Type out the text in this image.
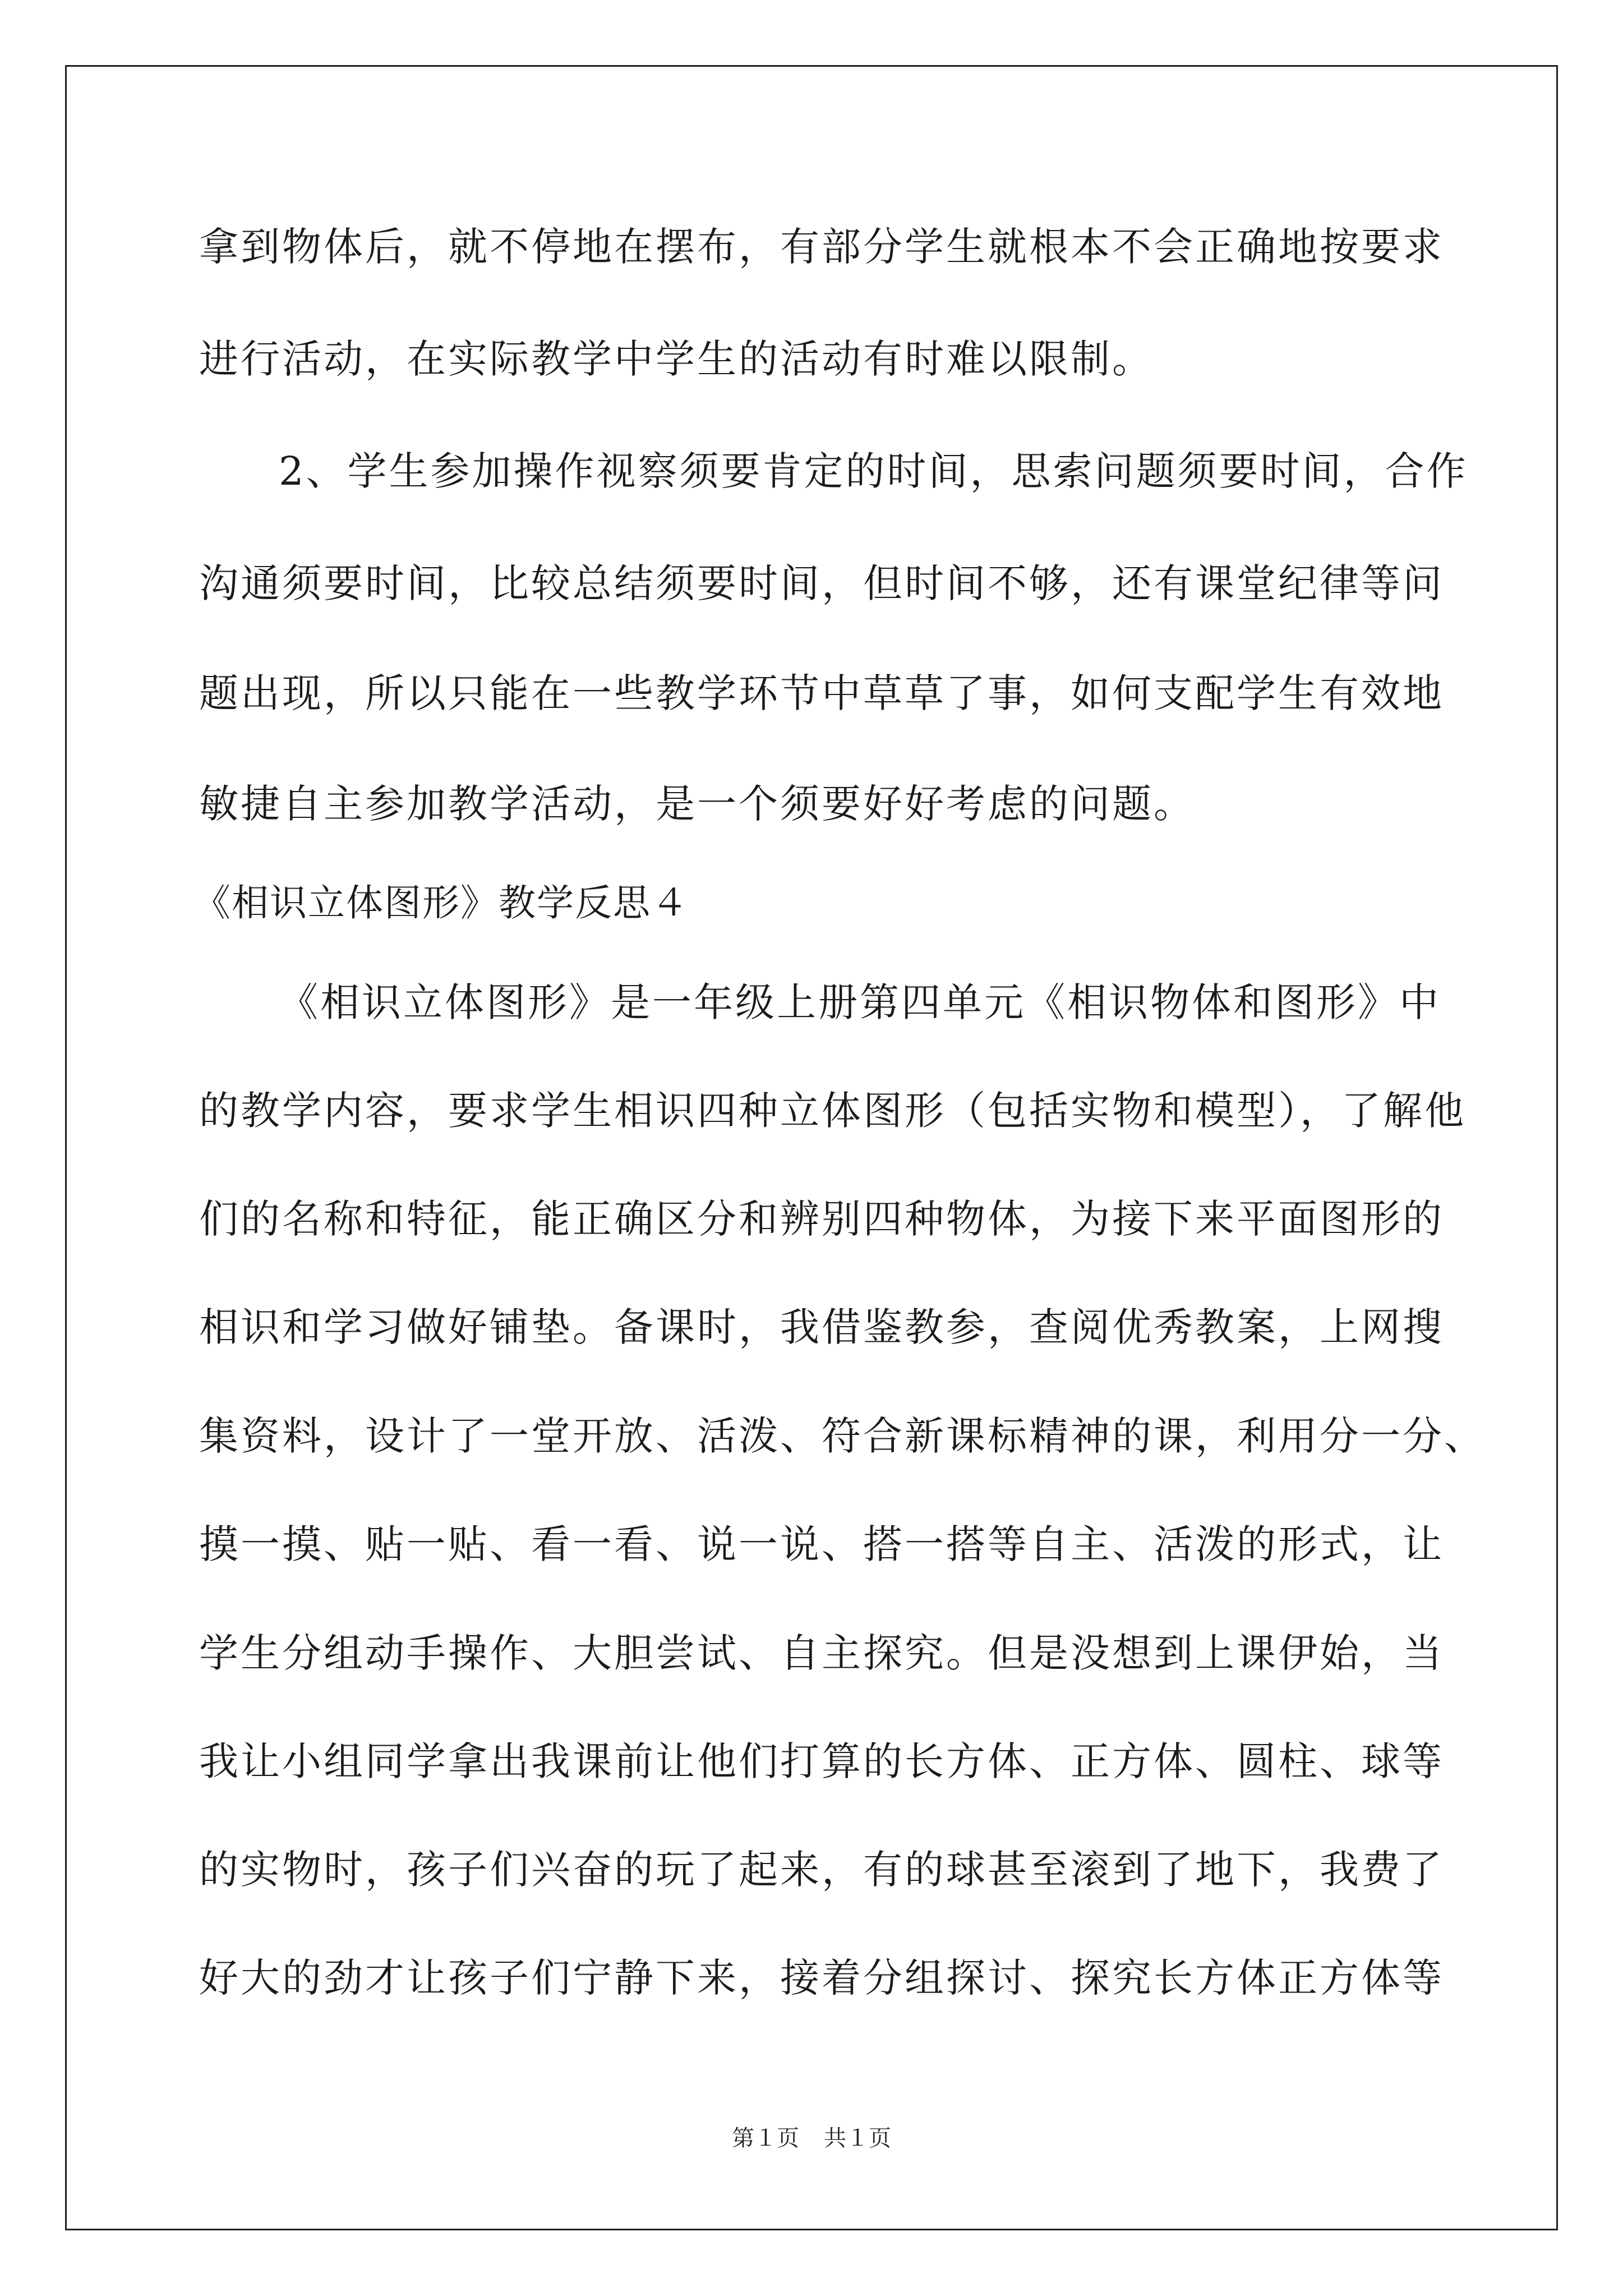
拿到物体后，就不停地在摆布，有部分学生就根本不会正确地按要求
进行活动，在实际教学中学生的活动有时难以限制。
2、学生参加操作视察须要肯定的时间，思索问题须要时间，合作
沟通须要时间，比较总结须要时间，但时间不够，还有课堂纪律等问
题出现，所以只能在一些教学环节中草草了事，如何支配学生有效地
敏捷自主参加教学活动，是一个须要好好考虑的问题。
《相识立体图形》教学反思４
《相识立体图形》是一年级上册第四单元《相识物体和图形》中
的教学内容，要求学生相识四种立体图形（包括实物和模型），了解他
们的名称和特征，能正确区分和辨别四种物体，为接下来平面图形的
相识和学习做好铺垫。备课时，我借鉴教参，查阅优秀教案，上网搜
集资料，设计了一堂开放、活泼、符合新课标精神的课，利用分一分、
摸一摸、贴一贴、看一看、说一说、搭一搭等自主、活泼的形式，让
学生分组动手操作、大胆尝试、自主探究。但是没想到上课伊始，当
我让小组同学拿出我课前让他们打算的长方体、正方体、圆柱、球等
的实物时，孩子们兴奋的玩了起来，有的球甚至滚到了地下，我费了
好大的劲才让孩子们宁静下来，接着分组探讨、探究长方体正方体等
第１页 共１页
